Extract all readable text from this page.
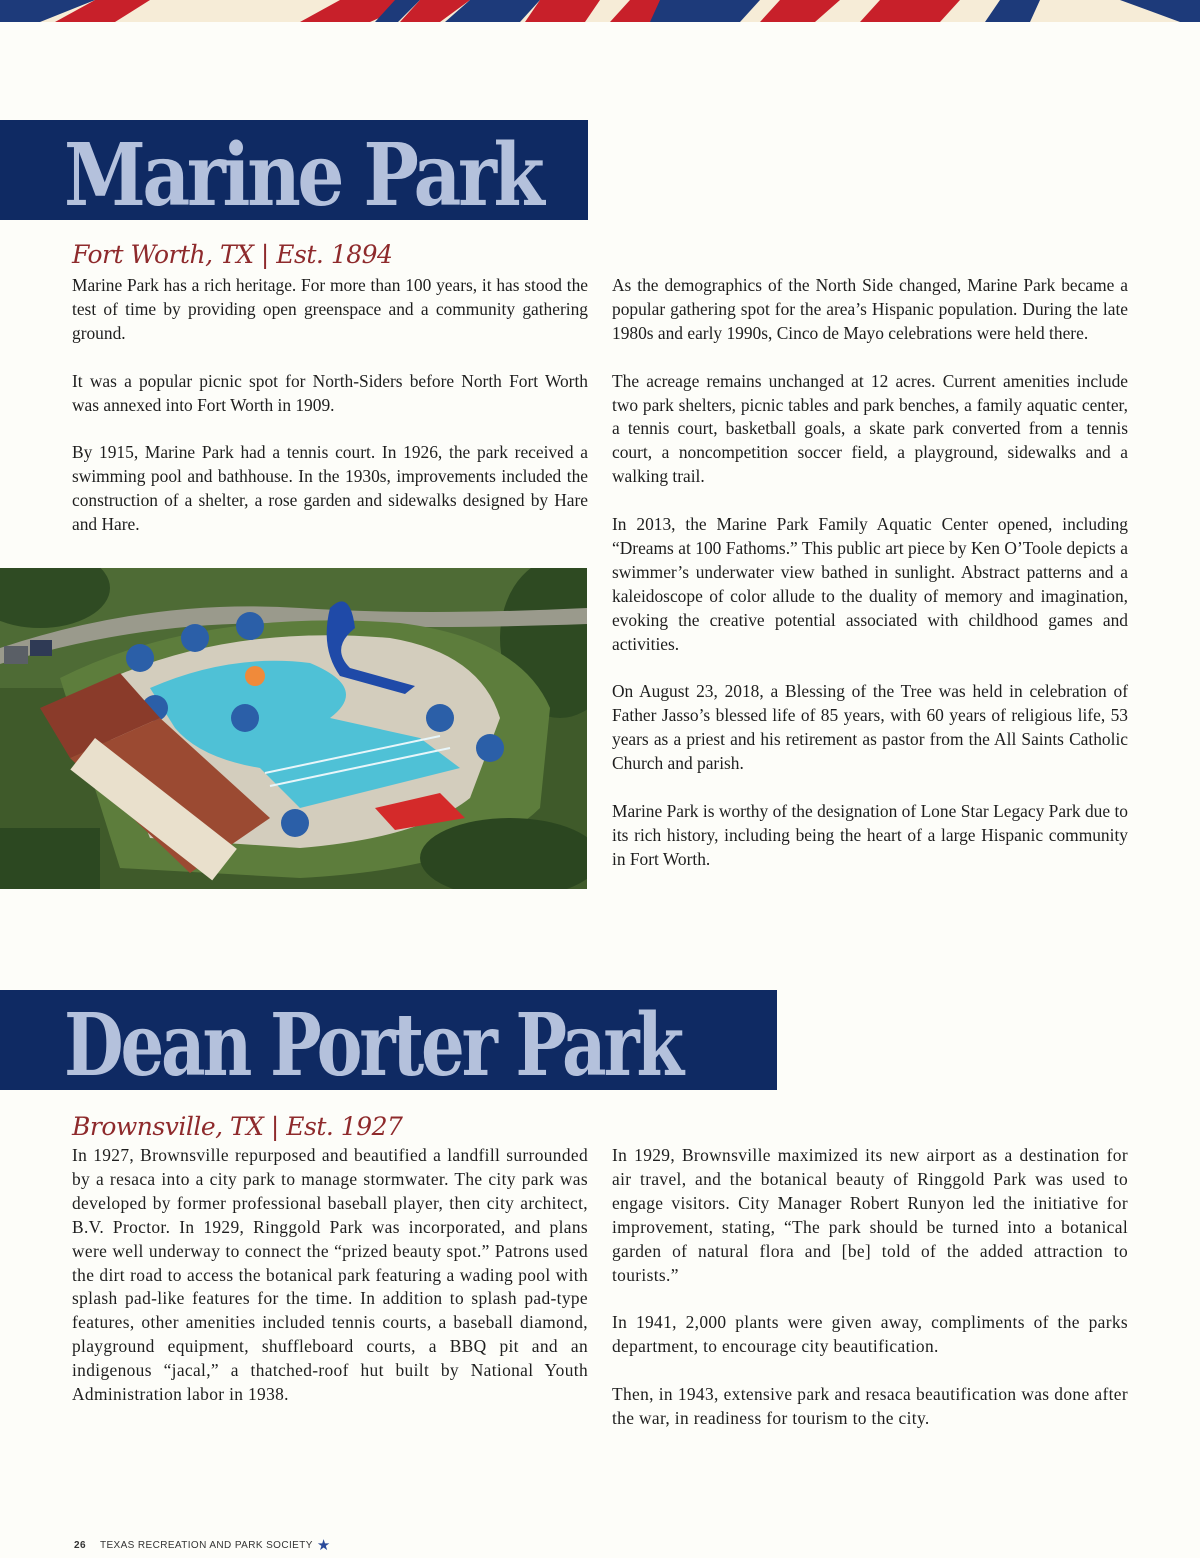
Marine Park
Fort Worth, TX | Est. 1894

Marine Park has a rich heritage. For more than 100 years, it has stood the test of time by providing open greenspace and a community gathering ground.

It was a popular picnic spot for North-Siders before North Fort Worth was annexed into Fort Worth in 1909.

By 1915, Marine Park had a tennis court. In 1926, the park received a swimming pool and bathhouse. In the 1930s, improvements included the construction of a shelter, a rose garden and sidewalks designed by Hare and Hare.

As the demographics of the North Side changed, Marine Park became a popular gathering spot for the area’s Hispanic population. During the late 1980s and early 1990s, Cinco de Mayo celebrations were held there.

The acreage remains unchanged at 12 acres. Current amenities include two park shelters, picnic tables and park benches, a family aquatic center, a tennis court, basketball goals, a skate park converted from a tennis court, a noncompetition soccer field, a playground, sidewalks and a walking trail.

In 2013, the Marine Park Family Aquatic Center opened, including “Dreams at 100 Fathoms.” This public art piece by Ken O’Toole depicts a swimmer’s underwater view bathed in sunlight. Abstract patterns and a kaleidoscope of color allude to the duality of memory and imagination, evoking the creative potential associated with childhood games and activities.

On August 23, 2018, a Blessing of the Tree was held in celebration of Father Jasso’s blessed life of 85 years, with 60 years of religious life, 53 years as a priest and his retirement as pastor from the All Saints Catholic Church and parish.

Marine Park is worthy of the designation of Lone Star Legacy Park due to its rich history, including being the heart of a large Hispanic community in Fort Worth.

Dean Porter Park
Brownsville, TX | Est. 1927

In 1927, Brownsville repurposed and beautified a landfill surrounded by a resaca into a city park to manage stormwater. The city park was developed by former professional baseball player, then city architect, B.V. Proctor. In 1929, Ringgold Park was incorporated, and plans were well underway to connect the “prized beauty spot.” Patrons used the dirt road to access the botanical park featuring a wading pool with splash pad-like features for the time. In addition to splash pad-type features, other amenities included tennis courts, a baseball diamond, playground equipment, shuffleboard courts, a BBQ pit and an indigenous “jacal,” a thatched-roof hut built by National Youth Administration labor in 1938.

In 1929, Brownsville maximized its new airport as a destination for air travel, and the botanical beauty of Ringgold Park was used to engage visitors. City Manager Robert Runyon led the initiative for improvement, stating, “The park should be turned into a botanical garden of natural flora and [be] told of the added attraction to tourists.”

In 1941, 2,000 plants were given away, compliments of the parks department, to encourage city beautification.

Then, in 1943, extensive park and resaca beautification was done after the war, in readiness for tourism to the city.

26 TEXAS RECREATION AND PARK SOCIETY ★
